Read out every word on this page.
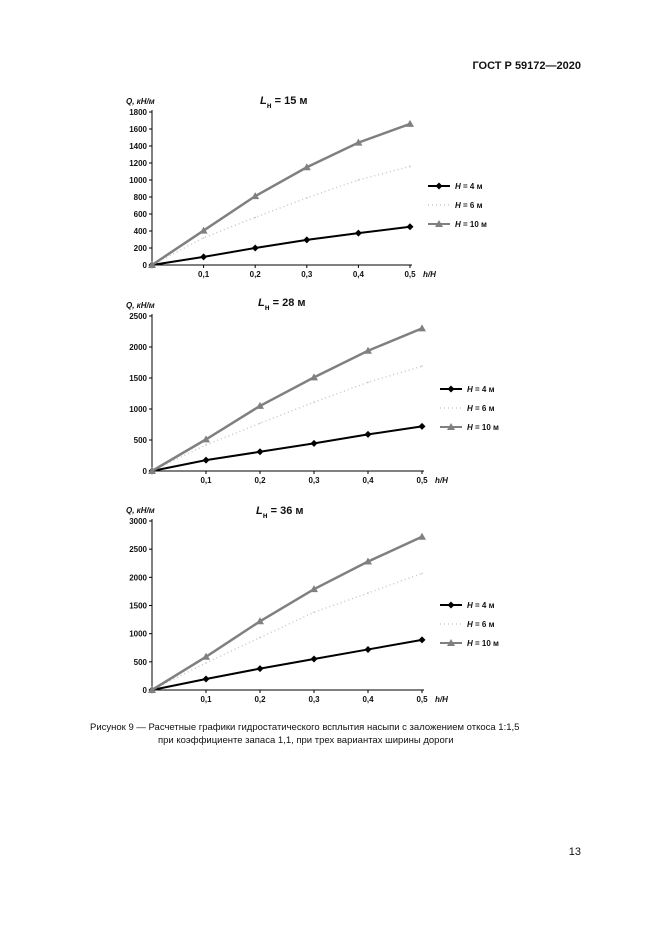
ГОСТ Р 59172—2020
0
200
400
600
800
1000
1200
1400
1600
1800
0,1	0,2	0,3	0,4	0,5 h/H
Q, кН/м	$L_н = 15$ м
H = 4 м
H = 6 м
H = 10 м
0
500
1000
1500
2000
2500
0,1	0,2	0,3	0,4	0,5 h/H
Q, кН/м	$L_н = 28$ м
H = 4 м
H = 6 м
H = 10 м
0
500
1000
1500
2000
2500
3000
0,1	0,2	0,3	0,4	0,5 h/H
Q, кН/м	$L_н = 36$ м
H = 4 м
H = 6 м
H = 10 м
Рисунок 9 — Расчетные графики гидростатического всплытия насыпи с заложением откоса 1:1,5
при коэффициенте запаса 1,1, при трех вариантах ширины дороги
13
